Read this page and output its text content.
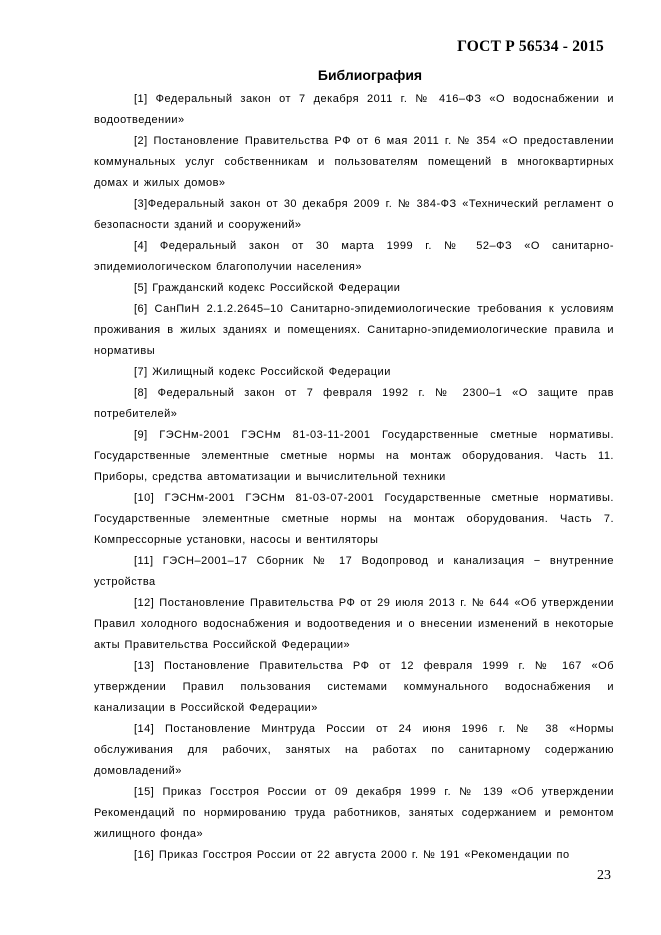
ГОСТ Р 56534 - 2015
Библиография

[1] Федеральный закон от 7 декабря 2011 г. № 416–ФЗ «О водоснабжении и водоотведении»

[2] Постановление Правительства РФ от 6 мая 2011 г. № 354 «О предоставлении коммунальных услуг собственникам и пользователям помещений в многоквартирных домах и жилых домов»

[3]Федеральный закон от 30 декабря 2009 г. № 384-ФЗ «Технический регламент о безопасности зданий и сооружений»

[4] Федеральный закон от 30 марта 1999 г. № 52–ФЗ «О санитарно-эпидемиологическом благополучии населения»

[5] Гражданский кодекс Российской Федерации

[6] СанПиН 2.1.2.2645–10 Санитарно-эпидемиологические требования к условиям проживания в жилых зданиях и помещениях. Санитарно-эпидемиологические правила и нормативы

[7] Жилищный кодекс Российской Федерации

[8] Федеральный закон от 7 февраля 1992 г. № 2300–1 «О защите прав потребителей»

[9] ГЭСНм-2001 ГЭСНм 81-03-11-2001 Государственные сметные нормативы. Государственные элементные сметные нормы на монтаж оборудования. Часть 11. Приборы, средства автоматизации и вычислительной техники

[10] ГЭСНм-2001 ГЭСНм 81-03-07-2001 Государственные сметные нормативы. Государственные элементные сметные нормы на монтаж оборудования. Часть 7. Компрессорные установки, насосы и вентиляторы

[11] ГЭСН–2001–17 Сборник № 17 Водопровод и канализация − внутренние устройства

[12] Постановление Правительства РФ от 29 июля 2013 г. № 644 «Об утверждении Правил холодного водоснабжения и водоотведения и о внесении изменений в некоторые акты Правительства Российской Федерации»

[13] Постановление Правительства РФ от 12 февраля 1999 г. № 167 «Об утверждении Правил пользования системами коммунального водоснабжения и канализации в Российской Федерации»

[14] Постановление Минтруда России от 24 июня 1996 г. № 38 «Нормы обслуживания для рабочих, занятых на работах по санитарному содержанию домовладений»

[15] Приказ Госстроя России от 09 декабря 1999 г. № 139 «Об утверждении Рекомендаций по нормированию труда работников, занятых содержанием и ремонтом жилищного фонда»

[16] Приказ Госстроя России от 22 августа 2000 г. № 191 «Рекомендации по

23
